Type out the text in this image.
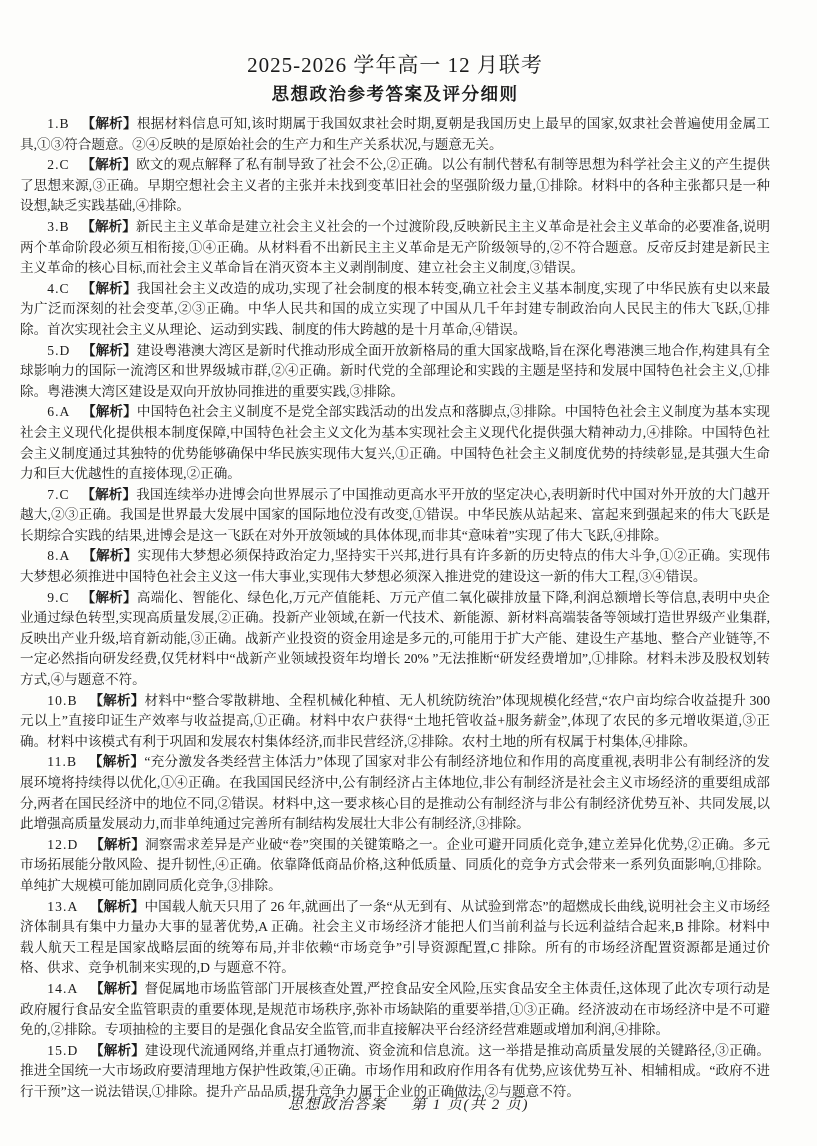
2025-2026 学年高一 12 月联考
思想政治参考答案及评分细则

1.B 【解析】根据材料信息可知,该时期属于我国奴隶社会时期,夏朝是我国历史上最早的国家,奴隶社会普遍使用金属工具,①③符合题意。②④反映的是原始社会的生产力和生产关系状况,与题意无关。

2.C 【解析】欧文的观点解释了私有制导致了社会不公,②正确。以公有制代替私有制等思想为科学社会主义的产生提供了思想来源,③正确。早期空想社会主义者的主张并未找到变革旧社会的坚强阶级力量,①排除。材料中的各种主张都只是一种设想,缺乏实践基础,④排除。

3.B 【解析】新民主主义革命是建立社会主义社会的一个过渡阶段,反映新民主主义革命是社会主义革命的必要准备,说明两个革命阶段必须互相衔接,①④正确。从材料看不出新民主主义革命是无产阶级领导的,②不符合题意。反帝反封建是新民主主义革命的核心目标,而社会主义革命旨在消灭资本主义剥削制度、建立社会主义制度,③错误。

4.C 【解析】我国社会主义改造的成功,实现了社会制度的根本转变,确立社会主义基本制度,实现了中华民族有史以来最为广泛而深刻的社会变革,②③正确。中华人民共和国的成立实现了中国从几千年封建专制政治向人民民主的伟大飞跃,①排除。首次实现社会主义从理论、运动到实践、制度的伟大跨越的是十月革命,④错误。

5.D 【解析】建设粤港澳大湾区是新时代推动形成全面开放新格局的重大国家战略,旨在深化粤港澳三地合作,构建具有全球影响力的国际一流湾区和世界级城市群,②④正确。新时代党的全部理论和实践的主题是坚持和发展中国特色社会主义,①排除。粤港澳大湾区建设是双向开放协同推进的重要实践,③排除。

6.A 【解析】中国特色社会主义制度不是党全部实践活动的出发点和落脚点,③排除。中国特色社会主义制度为基本实现社会主义现代化提供根本制度保障,中国特色社会主义文化为基本实现社会主义现代化提供强大精神动力,④排除。中国特色社会主义制度通过其独特的优势能够确保中华民族实现伟大复兴,①正确。中国特色社会主义制度优势的持续彰显,是其强大生命力和巨大优越性的直接体现,②正确。

7.C 【解析】我国连续举办进博会向世界展示了中国推动更高水平开放的坚定决心,表明新时代中国对外开放的大门越开越大,②③正确。我国是世界最大发展中国家的国际地位没有改变,①错误。中华民族从站起来、富起来到强起来的伟大飞跃是长期综合实践的结果,进博会是这一飞跃在对外开放领域的具体体现,而非其“意味着”实现了伟大飞跃,④排除。

8.A 【解析】实现伟大梦想必须保持政治定力,坚持实干兴邦,进行具有许多新的历史特点的伟大斗争,①②正确。实现伟大梦想必须推进中国特色社会主义这一伟大事业,实现伟大梦想必须深入推进党的建设这一新的伟大工程,③④错误。

9.C 【解析】高端化、智能化、绿色化,万元产值能耗、万元产值二氧化碳排放量下降,利润总额增长等信息,表明中央企业通过绿色转型,实现高质量发展,②正确。投新产业领域,在新一代技术、新能源、新材料高端装备等领域打造世界级产业集群,反映出产业升级,培育新动能,③正确。战新产业投资的资金用途是多元的,可能用于扩大产能、建设生产基地、整合产业链等,不一定必然指向研发经费,仅凭材料中“战新产业领域投资年均增长 20% ”无法推断“研发经费增加”,①排除。材料未涉及股权划转方式,④与题意不符。

10.B 【解析】材料中“整合零散耕地、全程机械化种植、无人机统防统治”体现规模化经营,“农户亩均综合收益提升 300 元以上”直接印证生产效率与收益提高,①正确。材料中农户获得“土地托管收益+服务薪金”,体现了农民的多元增收渠道,③正确。材料中该模式有利于巩固和发展农村集体经济,而非民营经济,②排除。农村土地的所有权属于村集体,④排除。

11.B 【解析】“充分激发各类经营主体活力”体现了国家对非公有制经济地位和作用的高度重视,表明非公有制经济的发展环境将持续得以优化,①④正确。在我国国民经济中,公有制经济占主体地位,非公有制经济是社会主义市场经济的重要组成部分,两者在国民经济中的地位不同,②错误。材料中,这一要求核心目的是推动公有制经济与非公有制经济优势互补、共同发展,以此增强高质量发展动力,而非单纯通过完善所有制结构发展壮大非公有制经济,③排除。

12.D 【解析】洞察需求差异是产业破“卷”突围的关键策略之一。企业可避开同质化竞争,建立差异化优势,②正确。多元市场拓展能分散风险、提升韧性,④正确。依靠降低商品价格,这种低质量、同质化的竞争方式会带来一系列负面影响,①排除。单纯扩大规模可能加剧同质化竞争,③排除。

13.A 【解析】中国载人航天只用了 26 年,就画出了一条“从无到有、从试验到常态”的超燃成长曲线,说明社会主义市场经济体制具有集中力量办大事的显著优势,A 正确。社会主义市场经济才能把人们当前利益与长远利益结合起来,B 排除。材料中载人航天工程是国家战略层面的统筹布局,并非依赖“市场竞争”引导资源配置,C 排除。所有的市场经济配置资源都是通过价格、供求、竞争机制来实现的,D 与题意不符。

14.A 【解析】督促属地市场监管部门开展核查处置,严控食品安全风险,压实食品安全主体责任,这体现了此次专项行动是政府履行食品安全监管职责的重要体现,是规范市场秩序,弥补市场缺陷的重要举措,①③正确。经济波动在市场经济中是不可避免的,②排除。专项抽检的主要目的是强化食品安全监管,而非直接解决平台经济经营难题或增加利润,④排除。

15.D 【解析】建设现代流通网络,并重点打通物流、资金流和信息流。这一举措是推动高质量发展的关键路径,③正确。推进全国统一大市场政府要清理地方保护性政策,④正确。市场作用和政府作用各有优势,应该优势互补、相辅相成。“政府不进行干预”这一说法错误,①排除。提升产品品质,提升竞争力属于企业的正确做法,②与题意不符。

思想政治答案 第 1 页(共 2 页)
